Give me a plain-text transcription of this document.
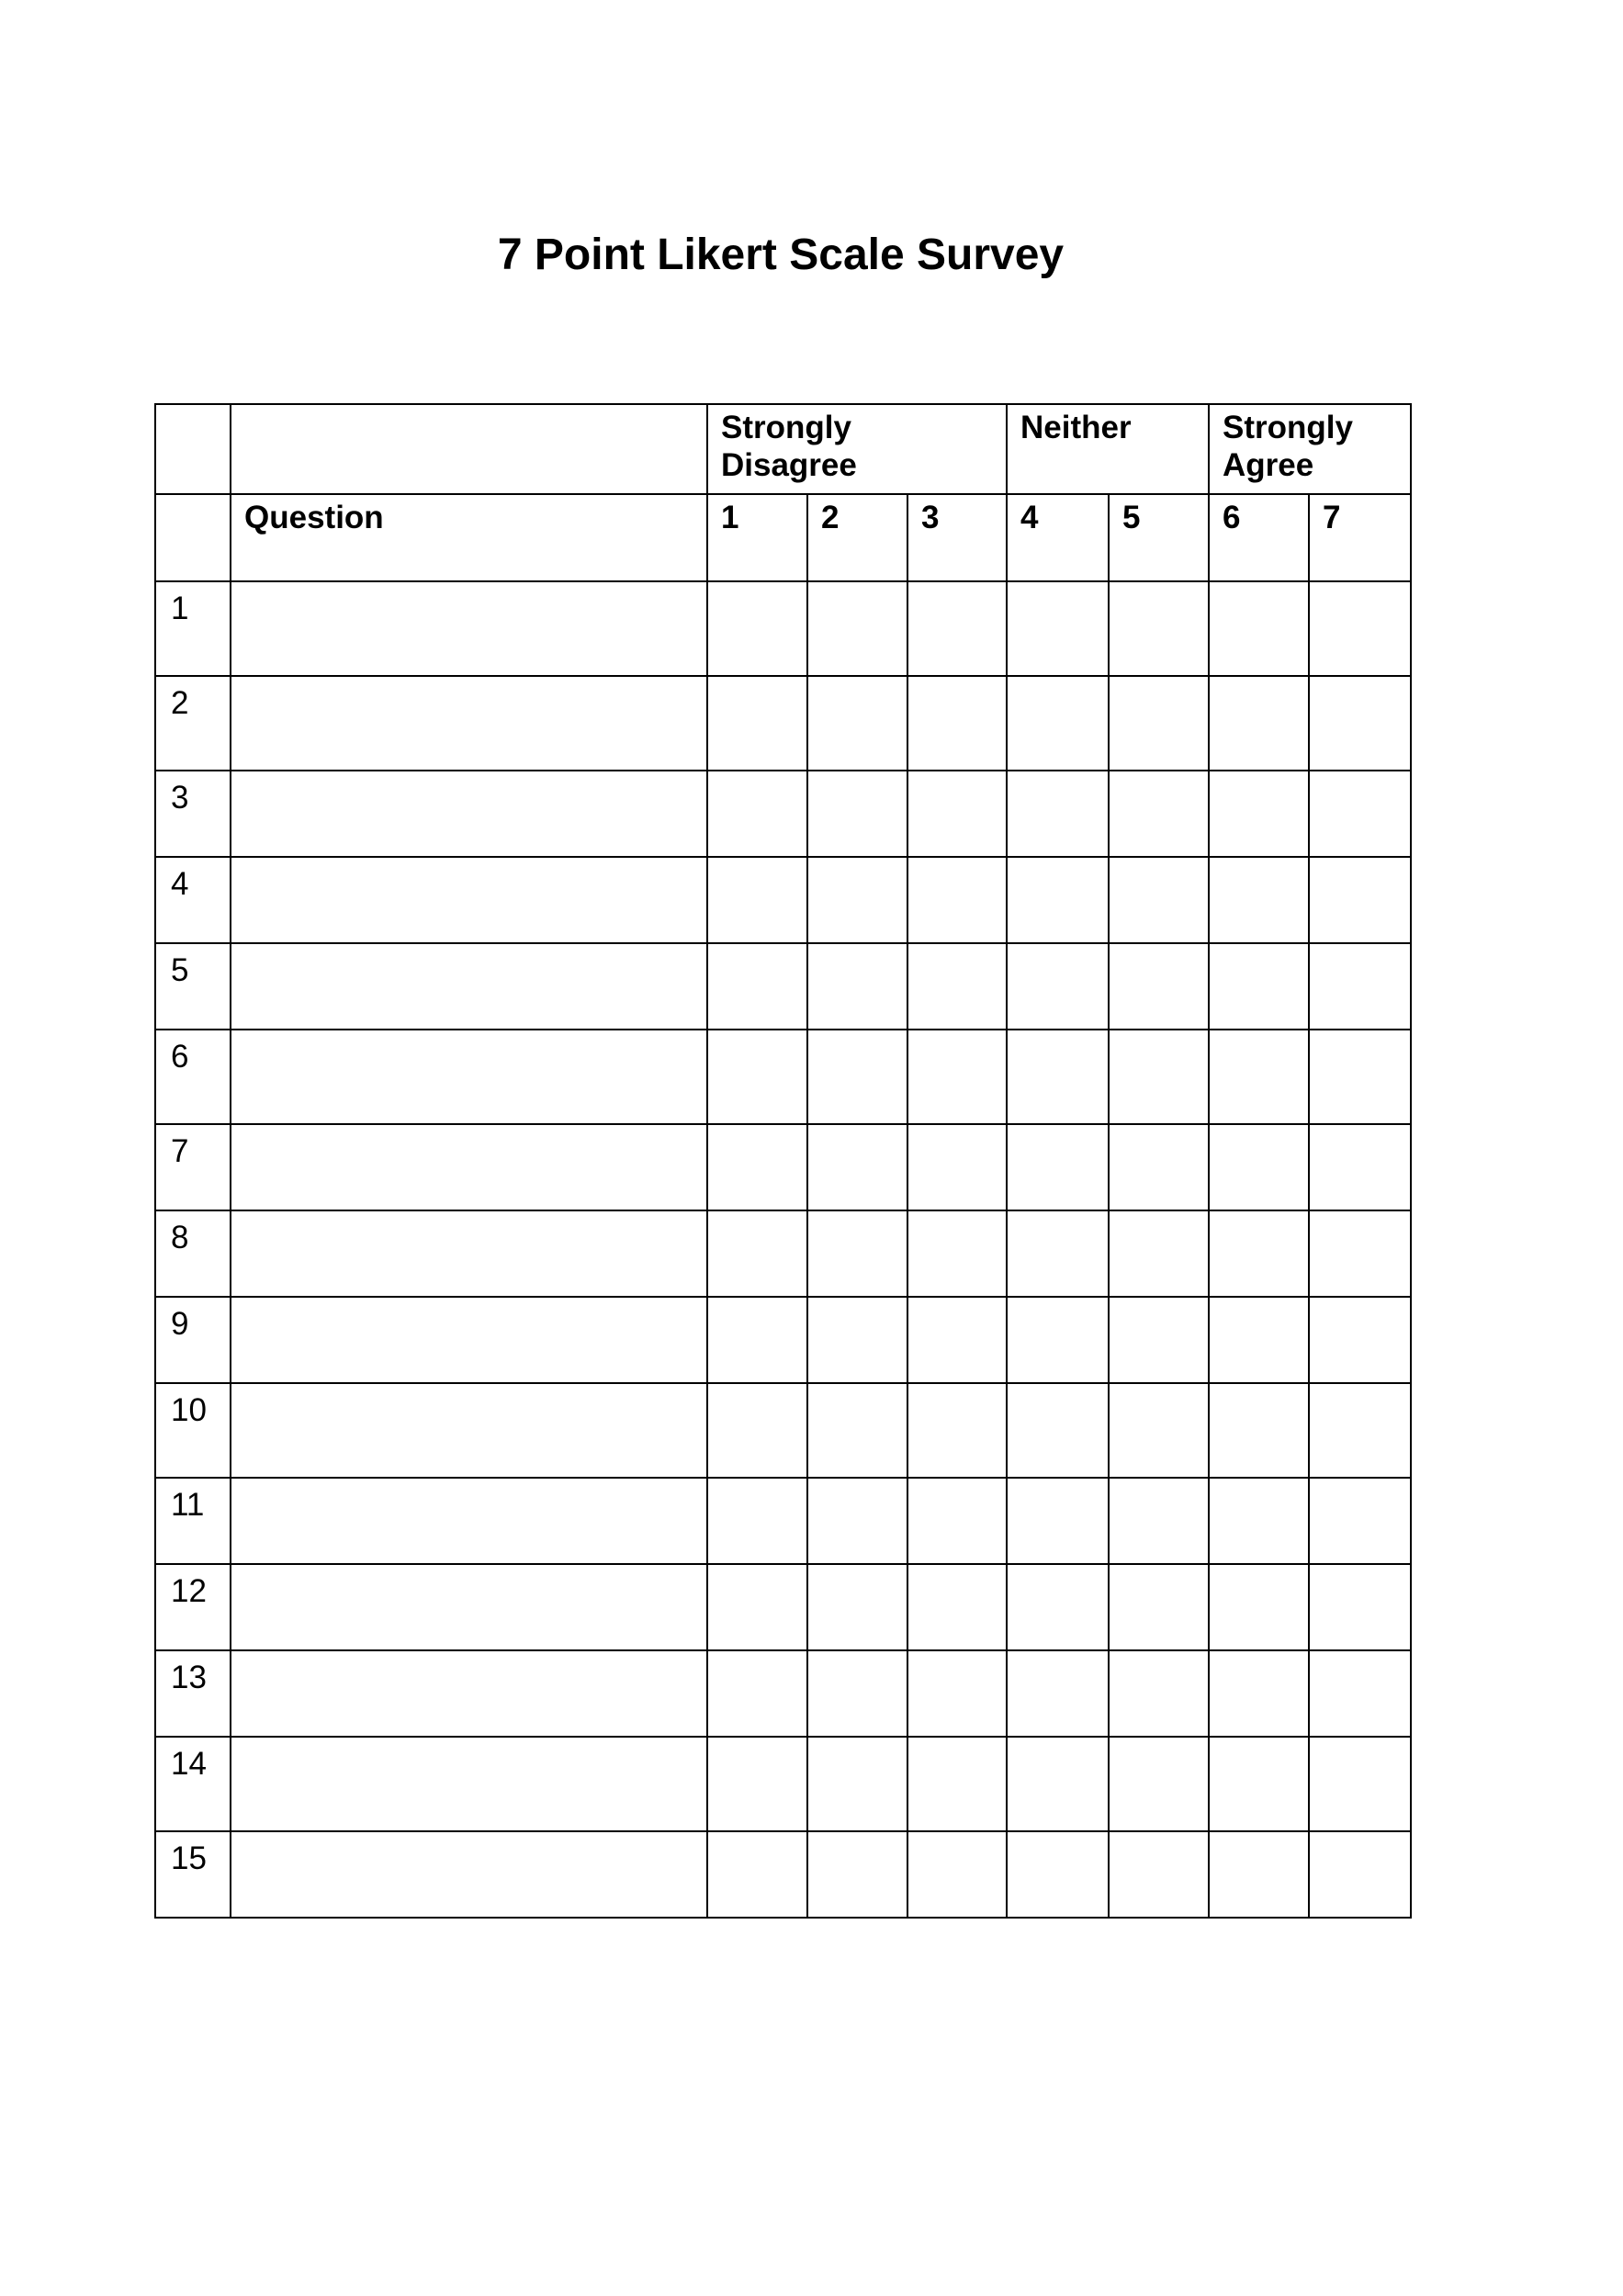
7 Point Likert Scale Survey
		Strongly Disagree			Neither		Strongly Agree	
	Question	1	2	3	4	5	6	7
1								
2								
3								
4								
5								
6								
7								
8								
9								
10								
11								
12								
13								
14								
15								
